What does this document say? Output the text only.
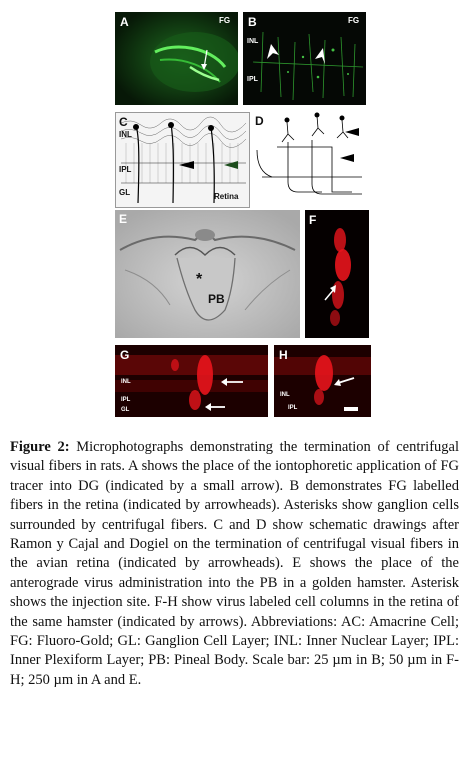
A	FG B	FG
INL
IPL
C
INL
IPL
GL	Retina
D
E
*
PB
F
G
INL
IPL
GL
H
INL
IPL

Figure 2: Microphotographs demonstrating the termination of centrifugal visual fibers in rats. A shows the place of the iontophoretic application of FG tracer into DG (indicated by a small arrow). B demonstrates FG labelled fibers in the retina (indicated by arrowheads). Asterisks show ganglion cells surrounded by centrifugal fibers. C and D show schematic drawings after Ramon y Cajal and Dogiel on the termination of centrifugal visual fibers in the avian retina (indicated by arrowheads). E shows the place of the anterograde virus administration into the PB in a golden hamster. Asterisk shows the injection site. F-H show virus labeled cell columns in the retina of the same hamster (indicated by arrows). Abbreviations: AC: Amacrine Cell; FG: Fluoro-Gold; GL: Ganglion Cell Layer; INL: Inner Nuclear Layer; IPL: Inner Plexiform Layer; PB: Pineal Body. Scale bar: 25 µm in B; 50 µm in F-H; 250 µm in A and E.
